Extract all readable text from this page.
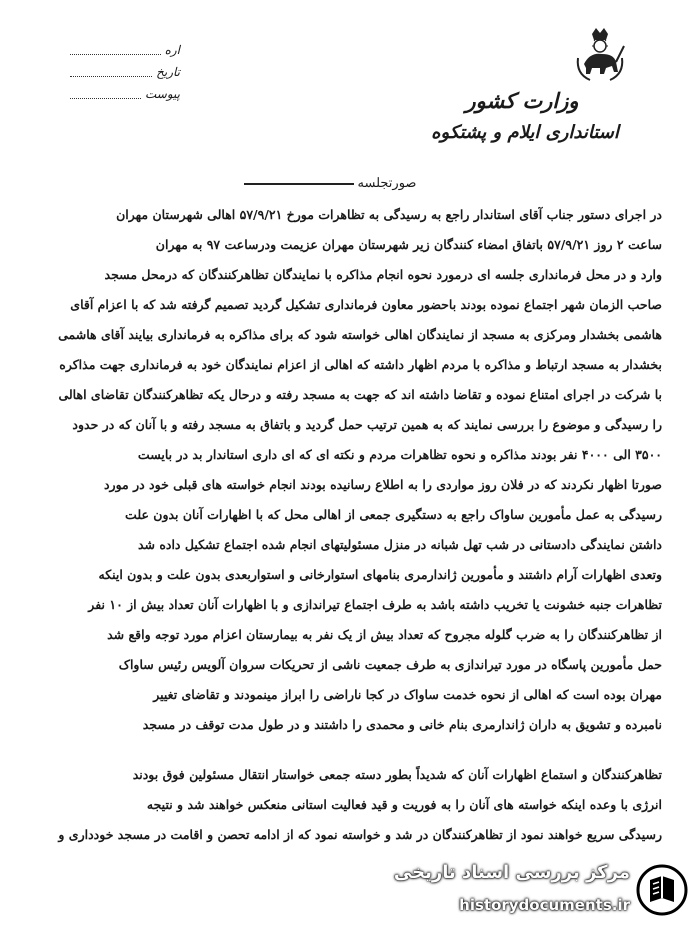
وزارت کشور
استانداری ایلام و پشتکوه
اره
تاریخ
پیوست
صورتجلسه
در اجرای دستور جناب آقای استاندار راجع به رسیدگی به تظاهرات مورخ ۵۷/۹/۲۱ اهالی شهرستان مهران
ساعت ۲ روز ۵۷/۹/۲۱ باتفاق امضاء کنندگان زیر شهرستان مهران عزیمت ودرساعت ۹۷ به مهران
وارد و در محل فرمانداری جلسه ای درمورد نحوه انجام مذاکره با نمایندگان تظاهرکنندگان که درمحل مسجد
صاحب الزمان شهر اجتماع نموده بودند باحضور معاون فرمانداری تشکیل گردید تصمیم گرفته شد که با اعزام آقای
هاشمی بخشدار ومرکزی به مسجد از نمایندگان اهالی خواسته شود که برای مذاکره به فرمانداری بیایند آقای هاشمی
بخشدار به مسجد ارتباط و مذاکره با مردم اظهار داشته که اهالی از اعزام نمایندگان خود به فرمانداری جهت مذاکره
با شرکت در اجرای امتناع نموده و تقاضا داشته اند که جهت به مسجد رفته و درحال یکه تظاهرکنندگان تقاضای اهالی
را رسیدگی و موضوع را بررسی نمایند که به همین ترتیب حمل گردید و باتفاق به مسجد رفته و با آنان که در حدود
۳۵۰۰ الی ۴۰۰۰ نفر بودند مذاکره و نحوه تظاهرات مردم و نکته ای که ای داری استاندار بد در بایست
صورتا اظهار نکردند که در فلان روز مواردی را به اطلاع رسانیده بودند انجام خواسته های قبلی خود در مورد
رسیدگی به عمل مأمورین ساواک راجع به دستگیری جمعی از اهالی محل که با اظهارات آنان بدون علت
داشتن نمایندگی دادستانی در شب تهل شبانه در منزل مسئولیتهای انجام شده اجتماع تشکیل داده شد
وتعدی اظهارات آرام داشتند و مأمورین ژاندارمری بنامهای استوارخانی و استواربعدی بدون علت و بدون اینکه
تظاهرات جنبه خشونت یا تخریب داشته باشد به طرف اجتماع تیراندازی و با اظهارات آنان تعداد بیش از ۱۰ نفر
از تظاهرکنندگان را به ضرب گلوله مجروح که تعداد بیش از یک نفر به بیمارستان اعزام مورد توجه واقع شد
حمل مأمورین پاسگاه در مورد تیراندازی به طرف جمعیت ناشی از تحریکات سروان آلویس رئیس ساواک
مهران بوده است که اهالی از نحوه خدمت ساواک در کجا ناراضی را ابراز مینمودند و تقاضای تغییر
نامبرده و تشویق به داران ژاندارمری بنام خانی و محمدی را داشتند و در طول مدت توقف در مسجد
تظاهرکنندگان و استماع اظهارات آنان که شدیداً بطور دسته جمعی خواستار انتقال مسئولین فوق بودند
انرژی با وعده اینکه خواسته های آنان را به فوریت و قید فعالیت استانی منعکس خواهند شد و نتیجه
رسیدگی سریع خواهند نمود از تظاهرکنندگان در شد و خواسته نمود که از ادامه تحصن و اقامت در مسجد خودداری و
مرکز بررسی اسناد تاریخی
historydocuments.ir
